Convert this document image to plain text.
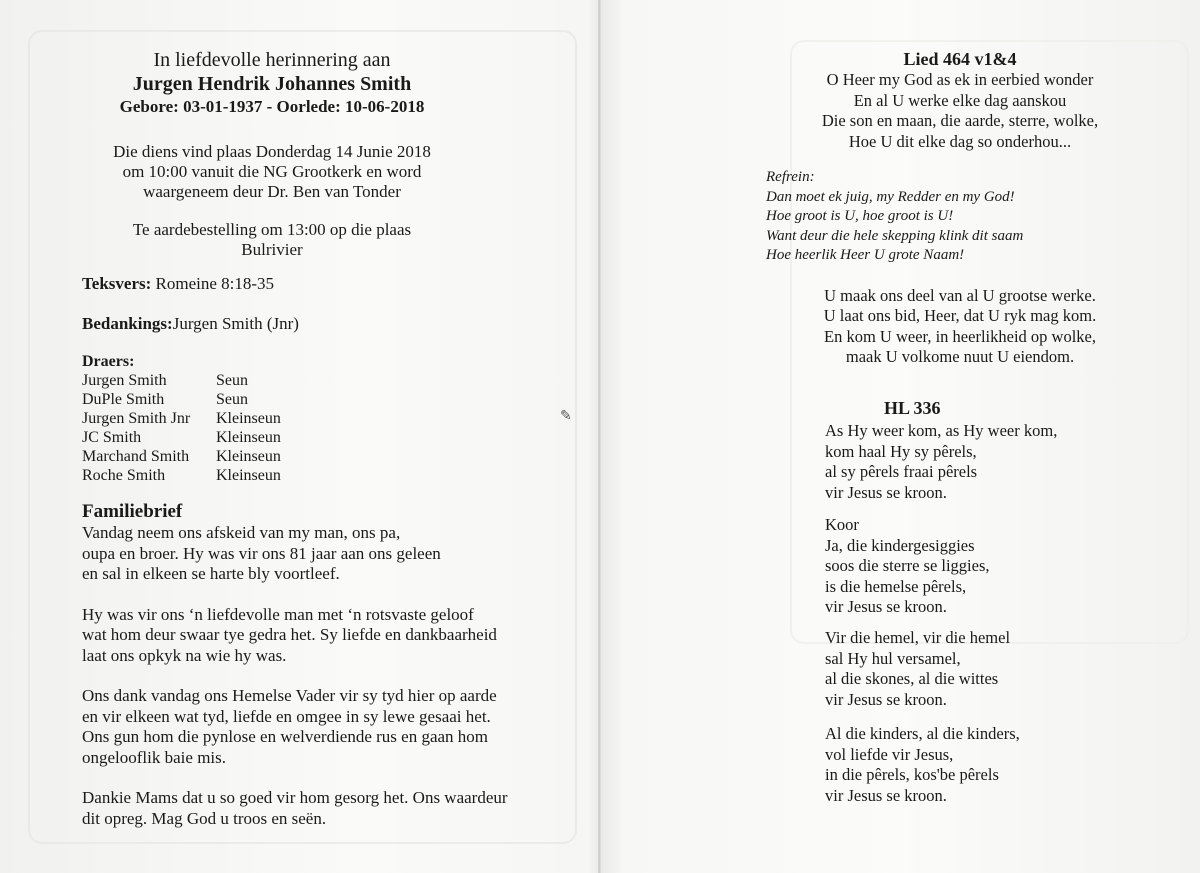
✎
In liefdevolle herinnering aan
Jurgen Hendrik Johannes Smith
Gebore: 03-01-1937 - Oorlede: 10-06-2018
Die diens vind plaas Donderdag 14 Junie 2018
om 10:00 vanuit die NG Grootkerk en word
waargeneem deur Dr. Ben van Tonder
Te aardebestelling om 13:00 op die plaas
Bulrivier
Teksvers: Romeine 8:18-35
Bedankings:Jurgen Smith (Jnr)
Draers:
Jurgen Smith	Seun
DuPle Smith	Seun
Jurgen Smith Jnr	Kleinseun
JC Smith	Kleinseun
Marchand Smith	Kleinseun
Roche Smith	Kleinseun
Familiebrief
Vandag neem ons afskeid van my man, ons pa,
oupa en broer. Hy was vir ons 81 jaar aan ons geleen
en sal in elkeen se harte bly voortleef.
Hy was vir ons ‘n liefdevolle man met ‘n rotsvaste geloof
wat hom deur swaar tye gedra het. Sy liefde en dankbaarheid
laat ons opkyk na wie hy was.
Ons dank vandag ons Hemelse Vader vir sy tyd hier op aarde
en vir elkeen wat tyd, liefde en omgee in sy lewe gesaai het.
Ons gun hom die pynlose en welverdiende rus en gaan hom
ongelooflik baie mis.
Dankie Mams dat u so goed vir hom gesorg het. Ons waardeur
dit opreg. Mag God u troos en seën.
Lied 464 v1&4
O Heer my God as ek in eerbied wonder
En al U werke elke dag aanskou
Die son en maan, die aarde, sterre, wolke,
Hoe U dit elke dag so onderhou...
Refrein:
Dan moet ek juig, my Redder en my God!
Hoe groot is U, hoe groot is U!
Want deur die hele skepping klink dit saam
Hoe heerlik Heer U grote Naam!
U maak ons deel van al U grootse werke.
U laat ons bid, Heer, dat U ryk mag kom.
En kom U weer, in heerlikheid op wolke,
maak U volkome nuut U eiendom.
HL 336
As Hy weer kom, as Hy weer kom,
kom haal Hy sy pêrels,
al sy pêrels fraai pêrels
vir Jesus se kroon.
Koor
Ja, die kindergesiggies
soos die sterre se liggies,
is die hemelse pêrels,
vir Jesus se kroon.
Vir die hemel, vir die hemel
sal Hy hul versamel,
al die skones, al die wittes
vir Jesus se kroon.
Al die kinders, al die kinders,
vol liefde vir Jesus,
in die pêrels, kos'be pêrels
vir Jesus se kroon.
